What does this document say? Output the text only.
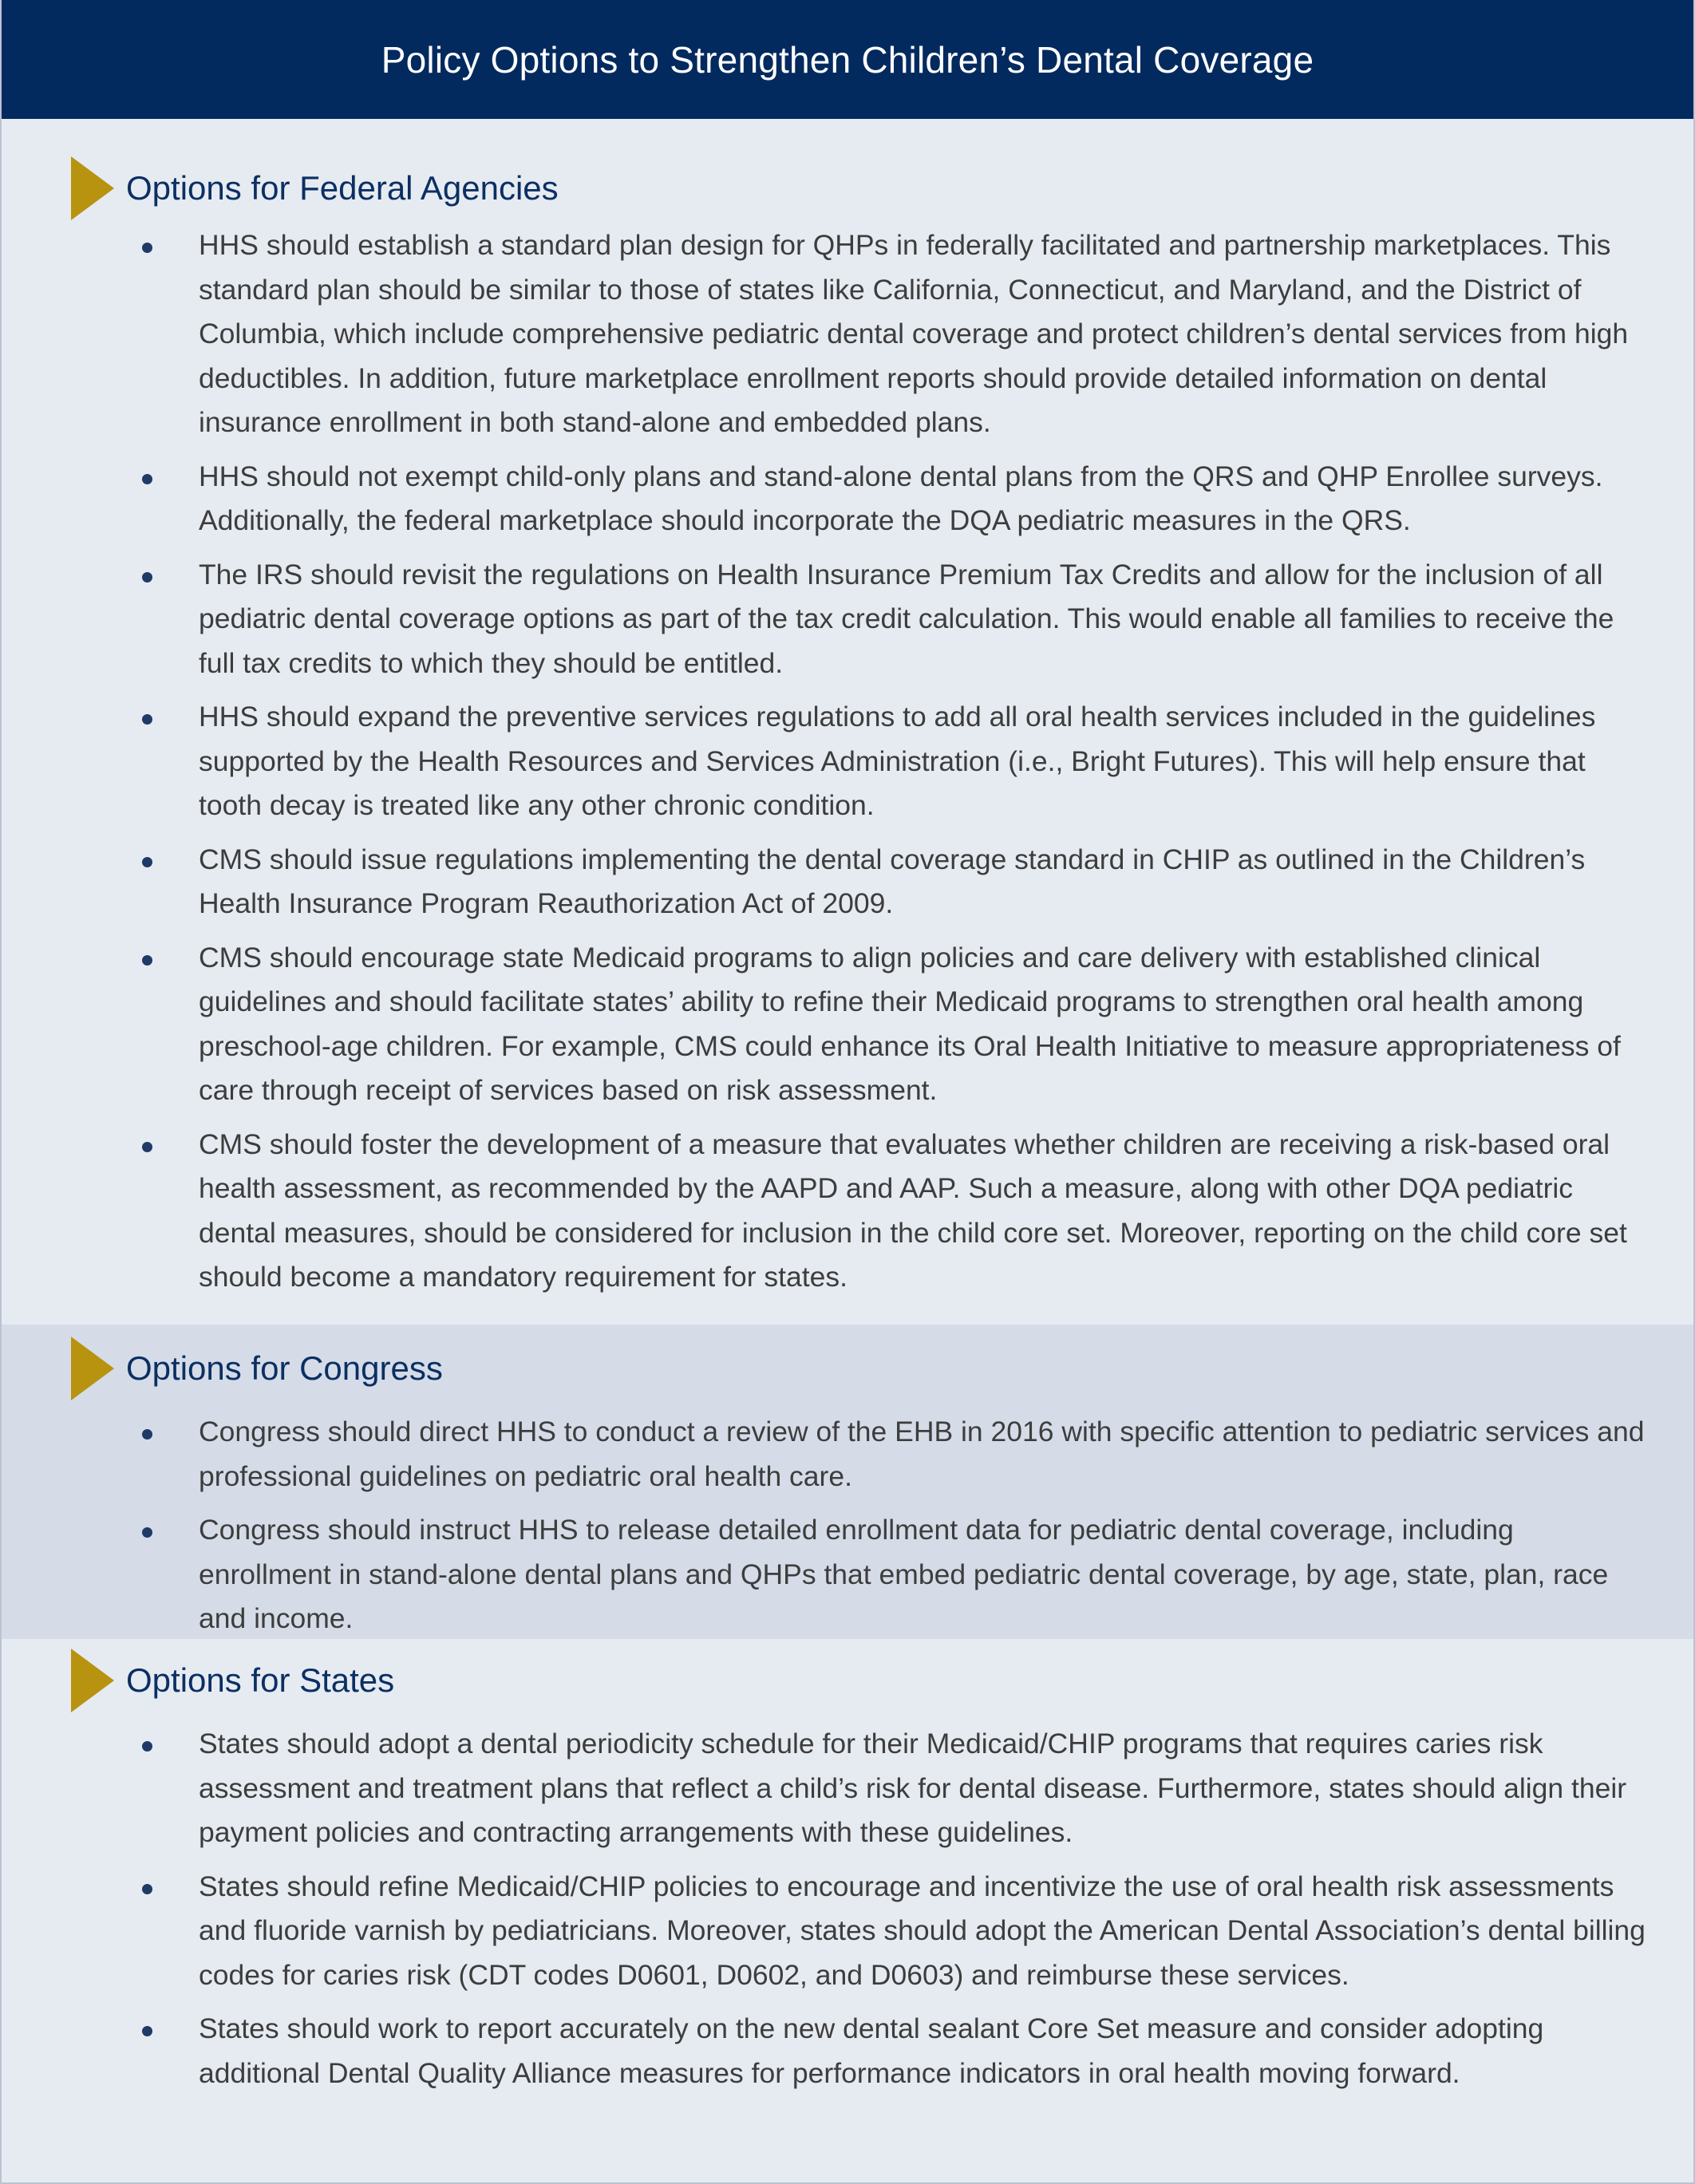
Policy Options to Strengthen Children’s Dental Coverage
Options for Federal Agencies
HHS should establish a standard plan design for QHPs in federally facilitated and partnership marketplaces. This standard plan should be similar to those of states like California, Connecticut, and Maryland, and the District of Columbia, which include comprehensive pediatric dental coverage and protect children’s dental services from high deductibles. In addition, future marketplace enrollment reports should provide detailed information on dental insurance enrollment in both stand-alone and embedded plans.
HHS should not exempt child-only plans and stand-alone dental plans from the QRS and QHP Enrollee surveys. Additionally, the federal marketplace should incorporate the DQA pediatric measures in the QRS.
The IRS should revisit the regulations on Health Insurance Premium Tax Credits and allow for the inclusion of all pediatric dental coverage options as part of the tax credit calculation. This would enable all families to receive the full tax credits to which they should be entitled.
HHS should expand the preventive services regulations to add all oral health services included in the guidelines supported by the Health Resources and Services Administration (i.e., Bright Futures). This will help ensure that tooth decay is treated like any other chronic condition.
CMS should issue regulations implementing the dental coverage standard in CHIP as outlined in the Children’s Health Insurance Program Reauthorization Act of 2009.
CMS should encourage state Medicaid programs to align policies and care delivery with established clinical guidelines and should facilitate states’ ability to refine their Medicaid programs to strengthen oral health among preschool-age children. For example, CMS could enhance its Oral Health Initiative to measure appropriateness of care through receipt of services based on risk assessment.
CMS should foster the development of a measure that evaluates whether children are receiving a risk-based oral health assessment, as recommended by the AAPD and AAP. Such a measure, along with other DQA pediatric dental measures, should be considered for inclusion in the child core set. Moreover, reporting on the child core set should become a mandatory requirement for states.
Options for Congress
Congress should direct HHS to conduct a review of the EHB in 2016 with specific attention to pediatric services and professional guidelines on pediatric oral health care.
Congress should instruct HHS to release detailed enrollment data for pediatric dental coverage, including enrollment in stand-alone dental plans and QHPs that embed pediatric dental coverage, by age, state, plan, race and income.
Options for States
States should adopt a dental periodicity schedule for their Medicaid/CHIP programs that requires caries risk assessment and treatment plans that reflect a child’s risk for dental disease. Furthermore, states should align their payment policies and contracting arrangements with these guidelines.
States should refine Medicaid/CHIP policies to encourage and incentivize the use of oral health risk assessments and fluoride varnish by pediatricians. Moreover, states should adopt the American Dental Association’s dental billing codes for caries risk (CDT codes D0601, D0602, and D0603) and reimburse these services.
States should work to report accurately on the new dental sealant Core Set measure and consider adopting additional Dental Quality Alliance measures for performance indicators in oral health moving forward.
